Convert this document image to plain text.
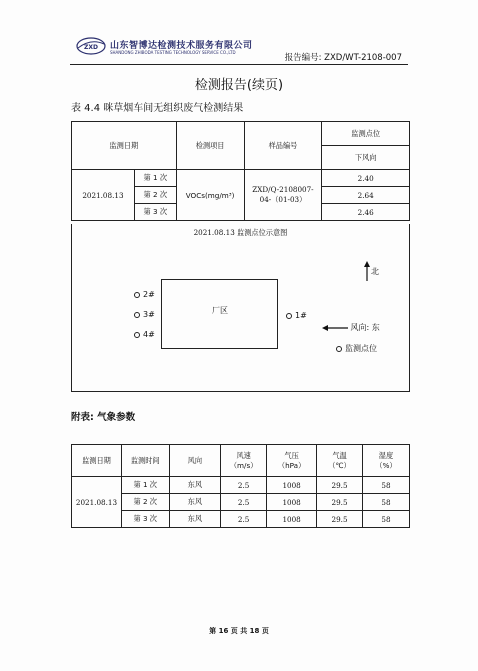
ZXD 山东智博达检测技术服务有限公司
SHANDONG ZHIBODA TESTING TECHNOLOGY SERVICE CO.,LTD
报告编号: ZXD/WT-2108-007
检测报告(续页)
表 4.4 咪草烟车间无组织废气检测结果
监测日期		检测项目	样品编号	监测点位
				下风向
2021.08.13	第 1 次	VOCs(mg/m³)	ZXD/Q-2108007-04-（01-03）	2.40
	第 2 次			2.64
	第 3 次			2.46
2021.08.13 监测点位示意图
厂区
2#
3#
4#
1#
北
风向: 东
监测点位
附表: 气象参数
监测日期	监测时间	风向	风速（m/s）	气压（hPa）	气温（℃）	湿度（%）
2021.08.13	第 1 次	东风	2.5	1008	29.5	58
	第 2 次	东风	2.5	1008	29.5	58
	第 3 次	东风	2.5	1008	29.5	58
第 16 页 共 18 页
